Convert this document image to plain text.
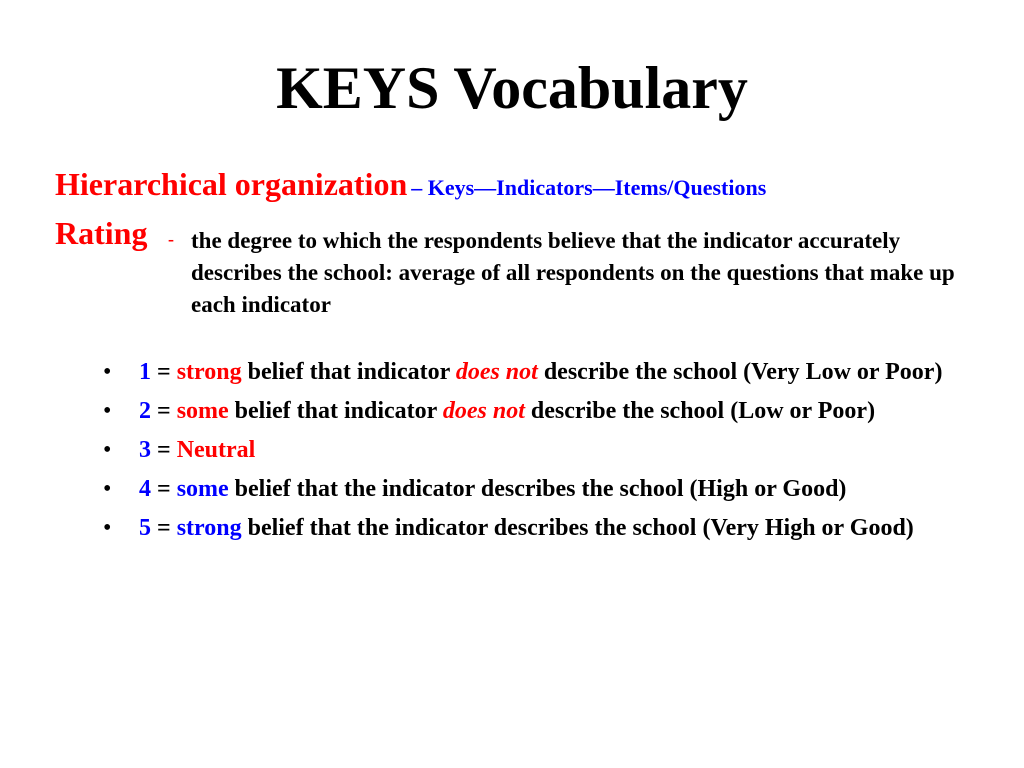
KEYS Vocabulary
Hierarchical organization – Keys—Indicators—Items/Questions
Rating - the degree to which the respondents believe that the indicator accurately describes the school: average of all respondents on the questions that make up each indicator
• 1 = strong belief that indicator does not describe the school (Very Low or Poor)
• 2 = some belief that indicator does not describe the school (Low or Poor)
• 3 = Neutral
• 4 = some belief that the indicator describes the school (High or Good)
• 5 = strong belief that the indicator describes the school (Very High or Good)
